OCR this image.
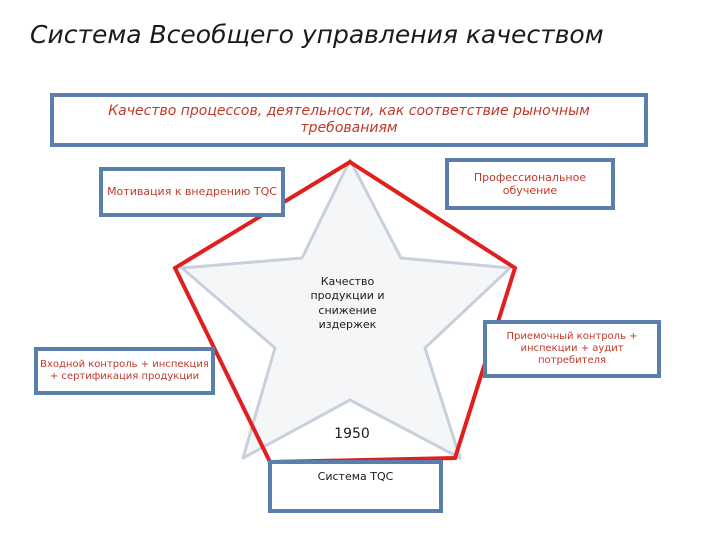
Система Всеобщего управления качеством
Качество процессов, деятельности, как соответствие рыночным требованиям
Мотивация к внедрению TQC
Профессиональное обучение
Входной контроль + инспекция + сертификация продукции
Приемочный контроль + инспекции + аудит потребителя
Качество продукции и снижение издержек
1950
Система TQC
